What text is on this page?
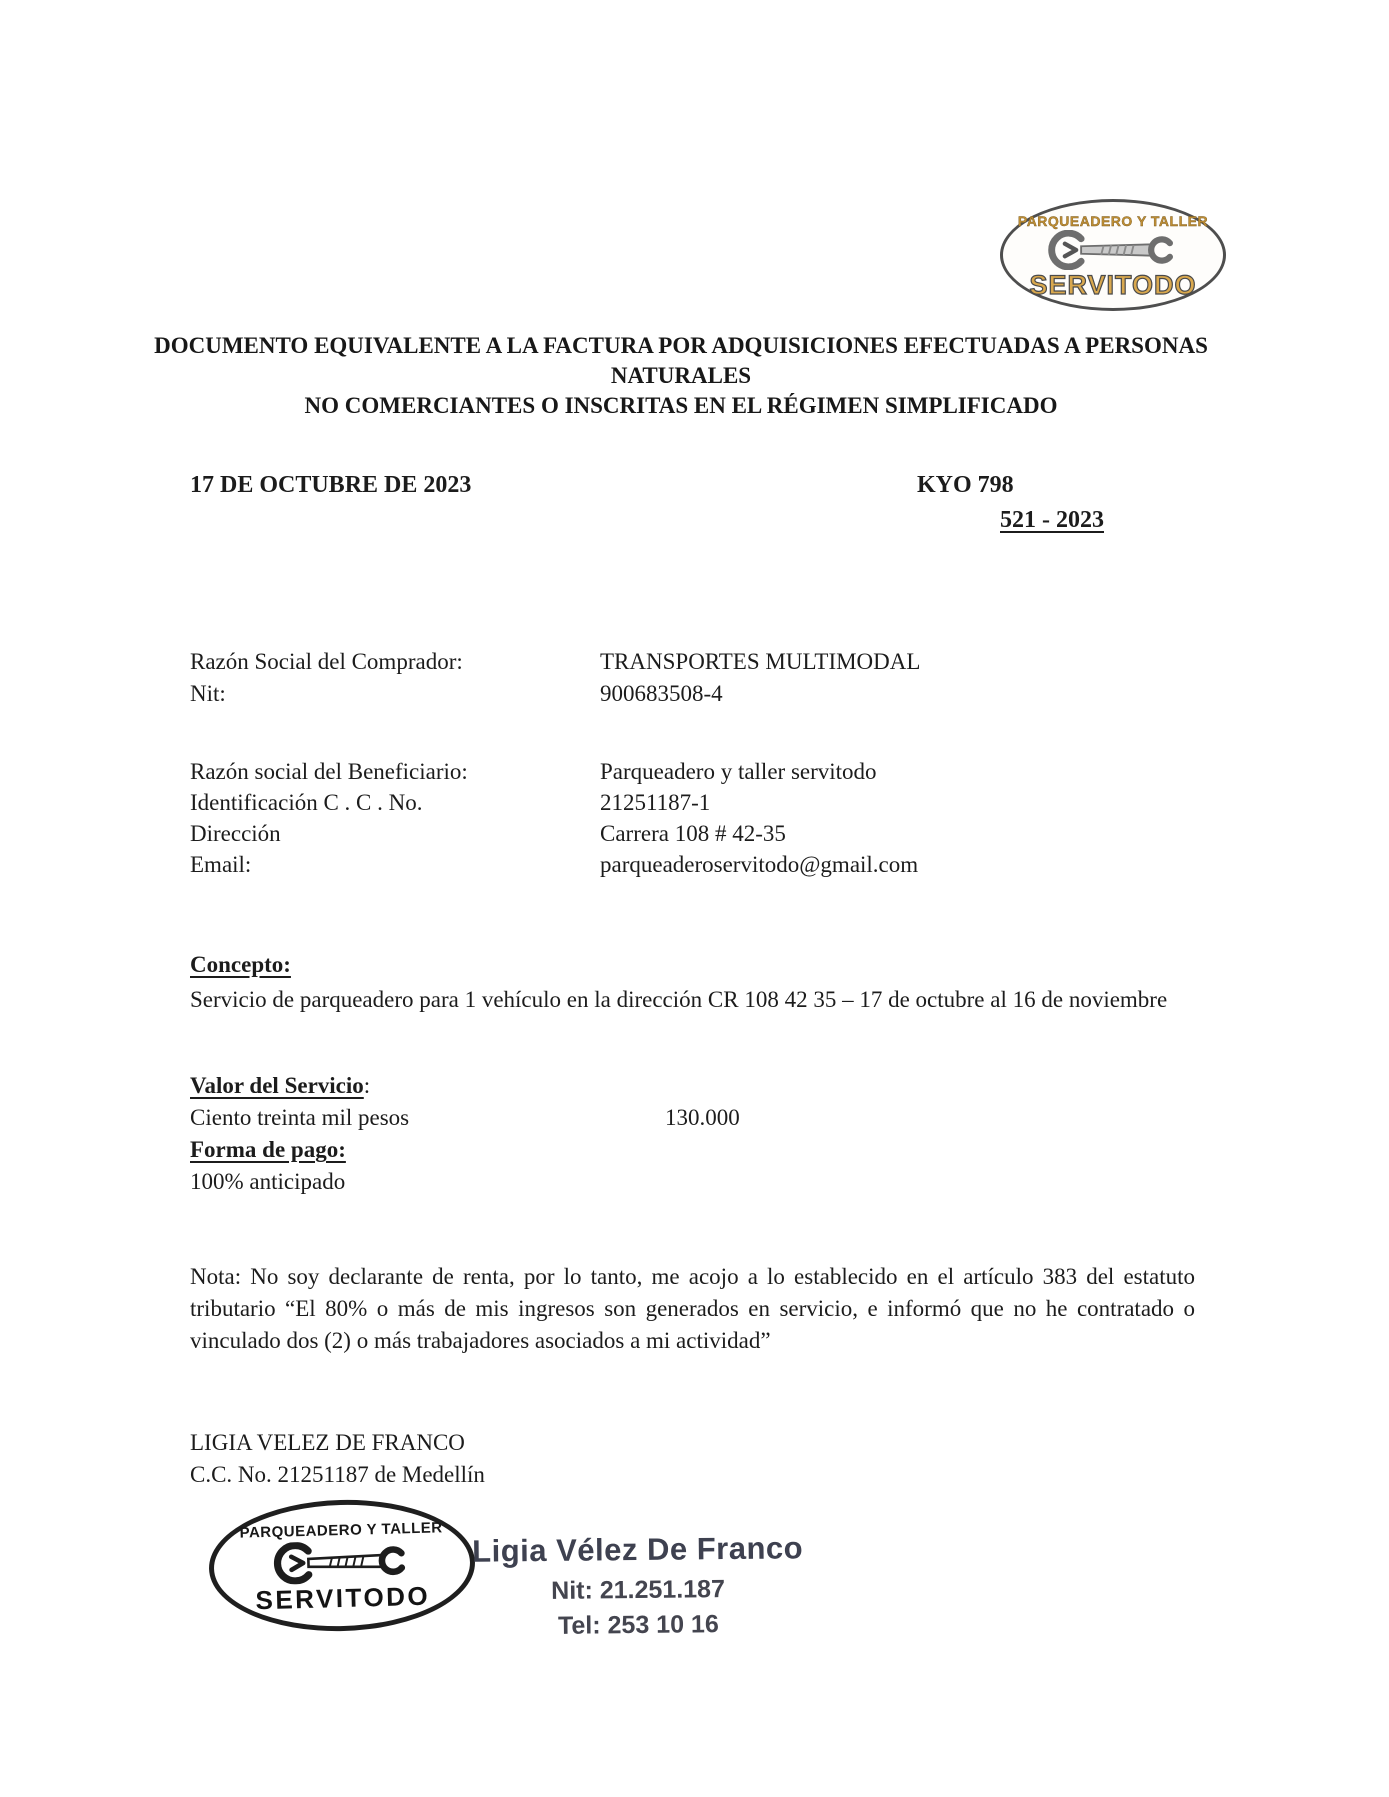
PARQUEADERO Y TALLER
SERVITODO
DOCUMENTO EQUIVALENTE A LA FACTURA POR ADQUISICIONES EFECTUADAS A PERSONAS NATURALES
NO COMERCIANTES O INSCRITAS EN EL RÉGIMEN SIMPLIFICADO
17 DE OCTUBRE DE 2023	KYO 798
521 - 2023
Razón Social del Comprador:	TRANSPORTES MULTIMODAL
Nit:	900683508-4
Razón social del Beneficiario:	Parqueadero y taller servitodo
Identificación C . C . No.	21251187-1
Dirección	Carrera 108 # 42-35
Email:	parqueaderoservitodo@gmail.com
Concepto:
Servicio de parqueadero para 1 vehículo en la dirección CR 108 42 35 – 17 de octubre al 16 de noviembre
Valor del Servicio:
Ciento treinta mil pesos	130.000
Forma de pago:
100% anticipado
Nota: No soy declarante de renta, por lo tanto, me acojo a lo establecido en el artículo 383 del estatuto tributario “El 80% o más de mis ingresos son generados en servicio, e informó que no he contratado o vinculado dos (2) o más trabajadores asociados a mi actividad”
LIGIA VELEZ DE FRANCO
C.C. No. 21251187 de Medellín
PARQUEADERO Y TALLER
SERVITODO
Ligia Vélez De Franco
Nit: 21.251.187
Tel: 253 10 16
